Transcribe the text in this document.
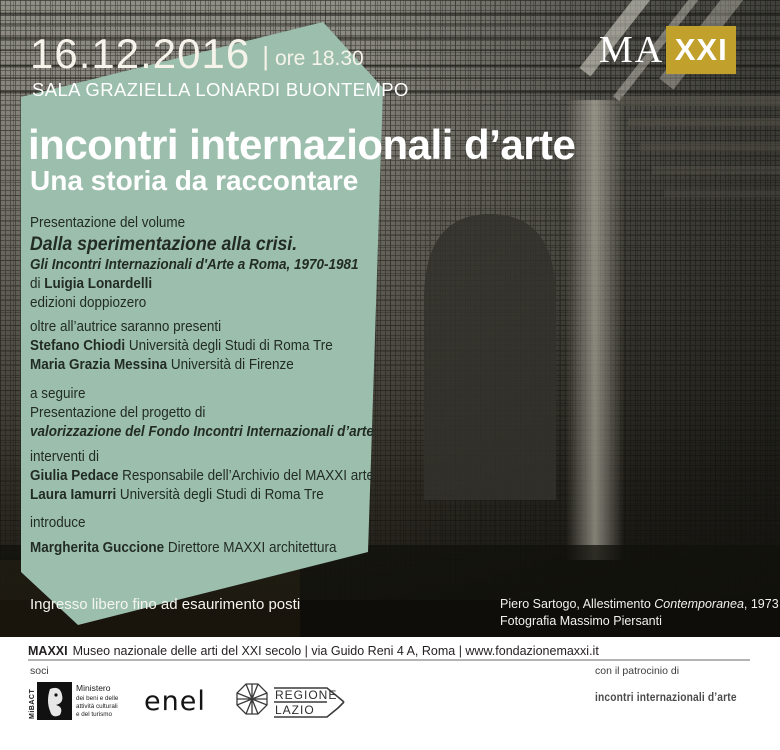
16.12.2016 | ore 18.30
SALA GRAZIELLA LONARDI BUONTEMPO
MA XXI
incontri internazionali d’arte
Una storia da raccontare

Presentazione del volume

Dalla sperimentazione alla crisi.

Gli Incontri Internazionali d'Arte a Roma, 1970-1981

di Luigia Lonardelli

edizioni doppiozero

oltre all’autrice saranno presenti

Stefano Chiodi Università degli Studi di Roma Tre

Maria Grazia Messina Università di Firenze

a seguire

Presentazione del progetto di

valorizzazione del Fondo Incontri Internazionali d’arte

interventi di

Giulia Pedace Responsabile dell’Archivio del MAXXI arte

Laura Iamurri Università degli Studi di Roma Tre

introduce

Margherita Guccione Direttore MAXXI architettura

Ingresso libero fino ad esaurimento posti	Piero Sartogo, Allestimento Contemporanea, 1973
Fotografia Massimo Piersanti
MAXXI Museo nazionale delle arti del XXI secolo | via Guido Reni 4 A, Roma | www.fondazionemaxxi.it
soci	con il patrocinio di
MiBACT
Ministero
dei beni e delle
attività culturali
e del turismo enel	REGIONE
LAZIO
incontri internazionali d’arte
